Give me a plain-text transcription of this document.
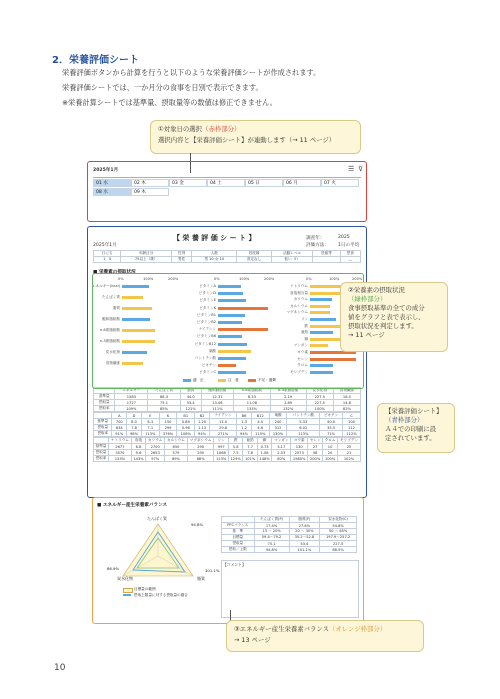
2．栄養評価シート
栄養評価ボタンから計算を行うと以下のような栄養評価シートが作成されます。
栄養評価シートでは、一か月分の食事を日別で表示できます。
※栄養計算シートでは基準量、摂取量等の数値は修正できません。
①対象日の選択（赤枠部分）
選択内容と【栄養評価シート】が連動します（→ 11 ページ）
2025年1月	☰ ⊽
01 水	02 木	03 金	04 土	05 日	06 月	07 火
08 水	09 木
【 栄 養 評 価 シ ー ト 】
2025年1月
調査年：	2025
評価方法： 1日の平均
日にち	年齢区分	性別	人数	妊産婦	活動レベル	妊娠等	摂食
1．5	75以上（歳）	男性	男 10 女 10	設定なし	低い（Ⅰ）		―
■ 栄養素の摂取状況
エネルギー(kcal)
たんぱく質
脂質
飽和脂肪酸
n-6系脂肪酸
n-3系脂肪酸
炭水化物
食物繊維
ビタミンA
ビタミンD
ビタミンE
ビタミンK
ビタミンB1
ビタミンB2
ナイアシン
ビタミンB6
ビタミンB12
葉酸
パントテン酸
ビオチン
ビタミンC
ナトリウム
食塩相当量
カリウム
カルシウム
マグネシウム
リン
鉄
亜鉛
銅
マンガン
ヨウ素
セレン
クロム
モリブデン
0%	0%	0%
100%	100%	100%
200%	200%	200%
適　正	注　意	不足・過剰
	エネルギー	たんぱく質	脂質	飽和脂肪酸	n-6系脂肪酸	n-3系脂肪酸	炭水化物	食物繊維
基準量	1583	88.3	44.0	12.31	8.33	2.19	227.5	18.0
摂取量	1727	75.1	53.4	13.06	11.08	2.89	227.5	14.8
摂取率	109%	85%	121%	111%	133%	132%	100%	82%
	A	D	E	K	B1	B2	ナイアシン	B6	B12	葉酸	パントテン酸	ビオチン	C
基準量	700	8.0	6.3	150	0.89	1.20	11.0	1.3	4.0	240	5.33	50.0	100
摂取量	634	7.8	7.1	299	0.96	1.13	29.8	1.2	4.6	312	6.02	35.5	112
摂取率	91%	98%	113%	376%	108%	94%	271%	94%	115%	130%	113%	71%	112%
	ナトリウム	食塩	カリウム	カルシウム	マグネシウム	リン	鉄	亜鉛	銅	マンガン	ヨウ素	セレン	クロム	モリブデン
基準量	2677	6.8	2700	650	290	997	5.8	7.7	0.73	3.17	130	27	10	25
摂取量	3570	9.6	2653	579	290	1068	7.5	7.8	1.08	2.53	2573	58	20	21
摂取率	133%	143%	97%	89%	86%	113%	129%	101%	148%	80%	1980%	200%	100%	102%
■ エネルギー産生栄養素バランス
たんぱく質
94.8%
脂質
101.1%
炭水化物
86.9%
目標量の範囲
摂取上限量に対する摂取量の割合
	たんぱく質(P)	脂質(F)	炭水化物(C)
PFCバランス	17.4%	27.8%	54.8%
基　準	13 ～ 20%	20 ～ 30%	50 ～ 65%
目標量	59.4～79.2	35.2～52.8	197.9～257.2
摂取量	75.1	53.4	227.5
摂取／上限	94.8%	101.1%	88.5%
【コメント】
②栄養素の摂取状況
（緑枠部分）
食事摂取基準の全ての成分
値をグラフと表で表示し、
摂取状況を判定します。
→ 11 ページ
【栄養評価シート】
（青枠部分）
Ａ４での印刷に設
定されています。
③エネルギー産生栄養素バランス（オレンジ枠部分）
→ 13 ページ
10
